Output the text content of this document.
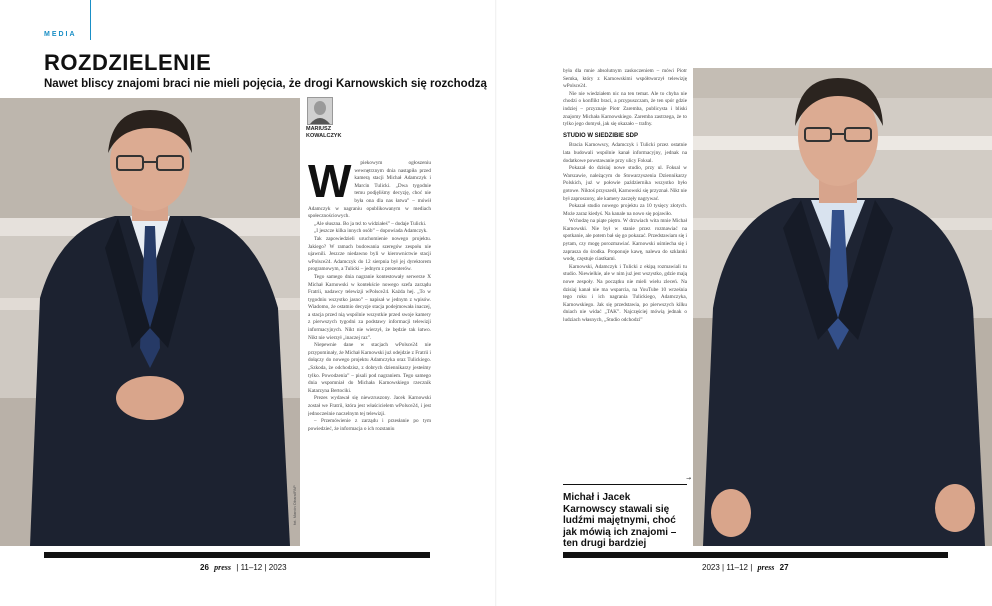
MEDIA
ROZDZIELENIE
Nawet bliscy znajomi braci nie mieli pojęcia, że drogi Karnowskich się rozchodzą
MARIUSZ
KOWALCZYK
W	piekowym ogłoszeniu wewnętrznym dnia nastąpiła przed kamerą stacji Michał Adamczyk i Marcin Tulicki. „Dwa tygodnie temu podjęliśmy decyzję, choć nie była ona dla nas łatwa” – mówił Adamczyk w nagraniu opublikowanym w mediach społecznościowych.

„Ale słuszna. Bo ja też to widziałeś” – dodaje Tulicki.

„I jeszcze kilka innych osób” – dopowiada Adamczyk.

Tak zapowiedzieli uruchomienie nowego projektu. Jakiego? W ramach budowania szeregów zespołu nie ujawnili. Jeszcze niedawno byli w kierownictwie stacji wPolsce24. Adamczyk do 12 sierpnia był jej dyrektorem programowym, a Tulicki – jednym z prezenterów.

Tego samego dnia nagranie kontestowały serwerze X Michał Karnowski w kontekście nowego szefa zarządu Fratrii, nadawcy telewizji wPolsce24. Każda hej. „To w tygodniu wszystko jasno” – napisał w jednym z wpisów. Wiadomo, że ostatnio decyzje stacja podejmowała inaczej, a stacja przed nią wspólnie wszystkie przed swoje kamery z pierwszych tygodni za podstawy informacji telewizji informacyjnych. Nikt nie wierzył, że będzie tak łatwo. Nikt nie wierzył „inaczej raz”.

Niepewnie dane w stacjach wPolsce24 nie przypominały, że Michał Karnowski już odejdzie z Fratrii i dołączy do nowego projektu Adamczyka oraz Tulickiego. „Szkoda, że odchodzisz, z dobrych dziennikarzy jesteśmy tylko. Powodzenia” – pisali pod nagraniem. Tego samego dnia wspomniał do Michała Karnowskiego rzecznik Katarzyna Bertociki.

Prezes wydawał się niewzruszony. Jacek Karnowski został we Fratrii, która jest właścicielem wPolsce24, i jest jednocześnie naczelnym tej telewizji.

– Przemówienie z zarządu i przesłanie po tym powiedzieć, że informacja o ich rozstaniu

fot. Marcin Obara/PAP

była dla mnie absolutnym zaskoczeniem – mówi Piotr Semka, który z Karnowskimi współtworzył telewizję wPolsce24.

Nie nie wiedziałem nic na ten temat. Ale to chyba nie chodzi o konflikt braci, a przypuszczam, że ten spór gdzie indziej – przyznaje Piotr Zaremba, publicysta i bliski znajomy Michała Karnowskiego. Zaremba zastrzega, że to tylko jego domysł, jak się okazało – trafny.

STUDIO W SIEDZIBIE SDP

Bracia Karnowscy, Adamczyk i Tulicki przez ostatnie lata budowali wspólnie kanał informacyjny, jednak na dodatkowe powstawanie przy ulicy Foksal.

Pokazał do dzisiaj nowe studio, przy ul. Foksal w Warszawie, należącym do Stowarzyszenia Dziennikarzy Polskich, już w połowie października wszystko było gotowe. Niktoś przyszedł, Karnowski się przyznał. Nikt nie był zaproszony, ale kamery zaczęły nagrywać.

Pokazał studio nowego projektu za 10 tysięcy złotych. Może zaraz kiedyś. Na kanale na nowo się pojawiło.

Wchodzę na piąte piętro. W drzwiach wita mnie Michał Karnowski. Nie był w stanie przez rozmawiać na spotkanie, ale potem bał się go pokazać. Przedstawiam się i pytam, czy mogę porozmawiać. Karnowski uśmiecha się i zaprasza do środka. Proponuje kawę, nalewa do szklanki wodę, częstuje ciastkami.

Karnowski, Adamczyk i Tulicki z ekipą rozmawiali tu studio. Niewielkie, ale w nim już jest wszystko, gdzie mają nowe zespoły. Na początku nie mieli wielu zleceń. Na dzisiaj kanał nie ma wsparcia, na YouTube 10 września tego roku i ich nagrania Tulickiego, Adamczyka, Karnowskiego. Jak się przedstawia, po pierwszych kilku dniach nie widać „TAK”. Najczęściej mówią jednak o ludziach własnych, „Studio odchodzi”

→
Michał i Jacek Karnowscy stawali się ludźmi majętnymi, choć jak mówią ich znajomi – ten drugi bardziej
26 press | 11–12 | 2023	2023 | 11–12 | press 27
